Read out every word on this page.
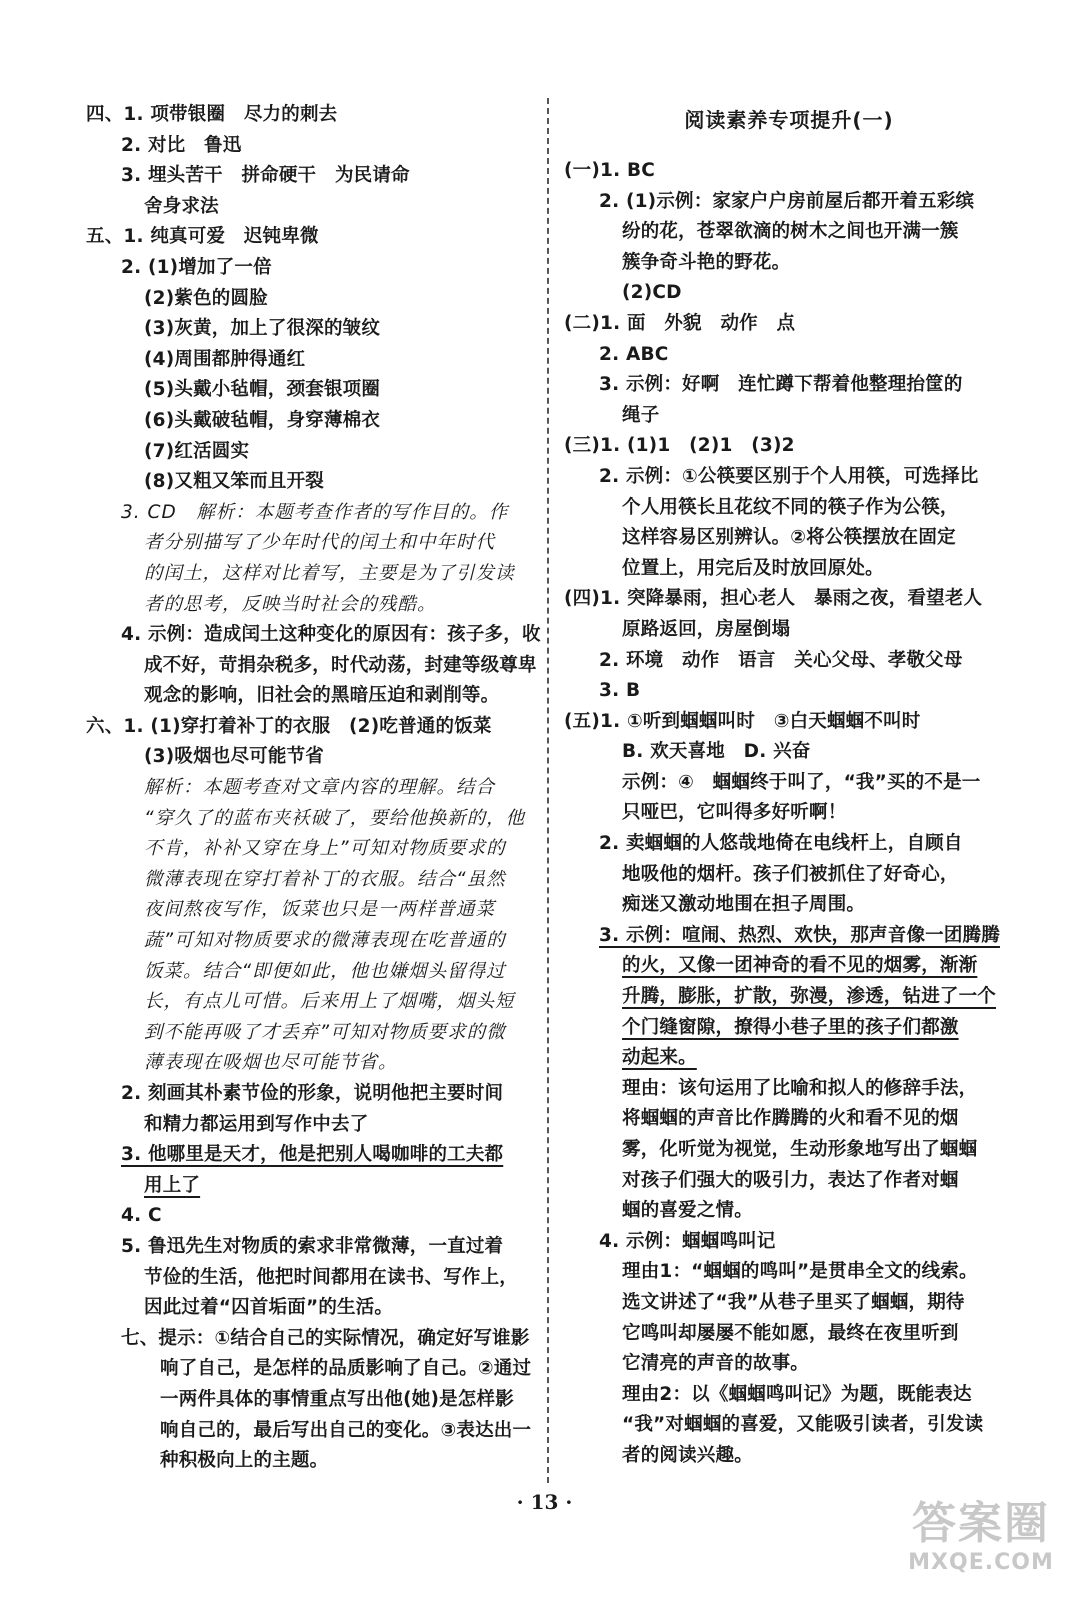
四、1. 项带银圈　尽力的刺去
2. 对比　鲁迅
3. 埋头苦干　拼命硬干　为民请命
舍身求法
五、1. 纯真可爱　迟钝卑微
2. (1)增加了一倍
(2)紫色的圆脸
(3)灰黄，加上了很深的皱纹
(4)周围都肿得通红
(5)头戴小毡帽，颈套银项圈
(6)头戴破毡帽，身穿薄棉衣
(7)红活圆实
(8)又粗又笨而且开裂
3. CD　解析：本题考查作者的写作目的。作
者分别描写了少年时代的闰土和中年时代
的闰土，这样对比着写，主要是为了引发读
者的思考，反映当时社会的残酷。
4. 示例：造成闰土这种变化的原因有：孩子多，收
成不好，苛捐杂税多，时代动荡，封建等级尊卑
观念的影响，旧社会的黑暗压迫和剥削等。
六、1. (1)穿打着补丁的衣服　(2)吃普通的饭菜
(3)吸烟也尽可能节省
解析：本题考查对文章内容的理解。结合
“穿久了的蓝布夹袄破了，要给他换新的，他
不肯，补补又穿在身上”可知对物质要求的
微薄表现在穿打着补丁的衣服。结合“虽然
夜间熬夜写作，饭菜也只是一两样普通菜
蔬”可知对物质要求的微薄表现在吃普通的
饭菜。结合“即便如此，他也嫌烟头留得过
长，有点儿可惜。后来用上了烟嘴，烟头短
到不能再吸了才丢弃”可知对物质要求的微
薄表现在吸烟也尽可能节省。
2. 刻画其朴素节俭的形象，说明他把主要时间
和精力都运用到写作中去了
3. 他哪里是天才，他是把别人喝咖啡的工夫都
用上了
4. C
5. 鲁迅先生对物质的索求非常微薄，一直过着
节俭的生活，他把时间都用在读书、写作上，
因此过着“囚首垢面”的生活。
七、提示：①结合自己的实际情况，确定好写谁影
响了自己，是怎样的品质影响了自己。②通过
一两件具体的事情重点写出他(她)是怎样影
响自己的，最后写出自己的变化。③表达出一
种积极向上的主题。
阅读素养专项提升(一)
(一)1. BC
2. (1)示例：家家户户房前屋后都开着五彩缤
纷的花，苍翠欲滴的树木之间也开满一簇
簇争奇斗艳的野花。
(2)CD
(二)1. 面　外貌　动作　点
2. ABC
3. 示例：好啊　连忙蹲下帮着他整理抬筐的
绳子
(三)1. (1)1　(2)1　(3)2
2. 示例：①公筷要区别于个人用筷，可选择比
个人用筷长且花纹不同的筷子作为公筷，
这样容易区别辨认。②将公筷摆放在固定
位置上，用完后及时放回原处。
(四)1. 突降暴雨，担心老人　暴雨之夜，看望老人
原路返回，房屋倒塌
2. 环境　动作　语言　关心父母、孝敬父母
3. B
(五)1. ①听到蝈蝈叫时　③白天蝈蝈不叫时
B. 欢天喜地　D. 兴奋
示例：④　蝈蝈终于叫了，“我”买的不是一
只哑巴，它叫得多好听啊！
2. 卖蝈蝈的人悠哉地倚在电线杆上，自顾自
地吸他的烟杆。孩子们被抓住了好奇心，
痴迷又激动地围在担子周围。
3. 示例：喧闹、热烈、欢快，那声音像一团腾腾
的火，又像一团神奇的看不见的烟雾，渐渐
升腾，膨胀，扩散，弥漫，渗透，钻进了一个
个门缝窗隙，撩得小巷子里的孩子们都激
动起来。
理由：该句运用了比喻和拟人的修辞手法，
将蝈蝈的声音比作腾腾的火和看不见的烟
雾，化听觉为视觉，生动形象地写出了蝈蝈
对孩子们强大的吸引力，表达了作者对蝈
蝈的喜爱之情。
4. 示例：蝈蝈鸣叫记
理由1：“蝈蝈的鸣叫”是贯串全文的线索。
选文讲述了“我”从巷子里买了蝈蝈，期待
它鸣叫却屡屡不能如愿，最终在夜里听到
它清亮的声音的故事。
理由2：以《蝈蝈鸣叫记》为题，既能表达
“我”对蝈蝈的喜爱，又能吸引读者，引发读
者的阅读兴趣。
· 13 ·	答案圈
MXQE.COM
